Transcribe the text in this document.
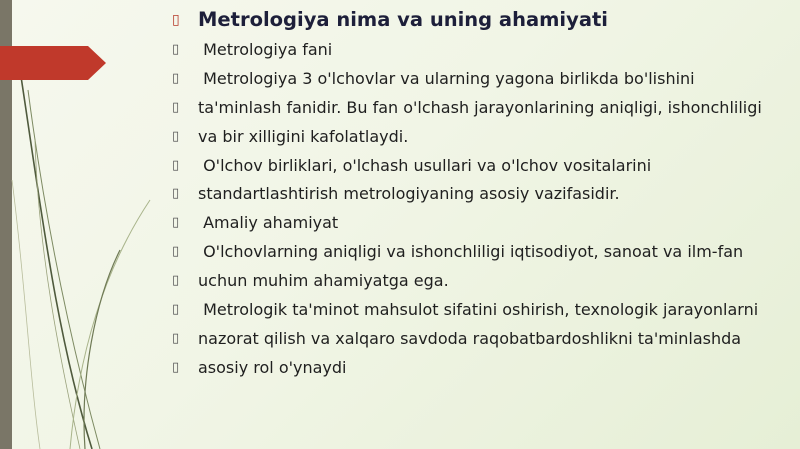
▯ Metrologiya nima va uning ahamiyati
▯ Metrologiya fani
▯ Metrologiya 3 o'lchovlar va ularning yagona birlikda bo'lishini
▯ ta'minlash fanidir. Bu fan o'lchash jarayonlarining aniqligi, ishonchliligi
▯ va bir xilligini kafolatlaydi.
▯ O'lchov birliklari, o'lchash usullari va o'lchov vositalarini
▯ standartlashtirish metrologiyaning asosiy vazifasidir.
▯ Amaliy ahamiyat
▯ O'lchovlarning aniqligi va ishonchliligi iqtisodiyot, sanoat va ilm-fan
▯ uchun muhim ahamiyatga ega.
▯ Metrologik ta'minot mahsulot sifatini oshirish, texnologik jarayonlarni
▯ nazorat qilish va xalqaro savdoda raqobatbardoshlikni ta'minlashda
▯ asosiy rol o'ynaydi
